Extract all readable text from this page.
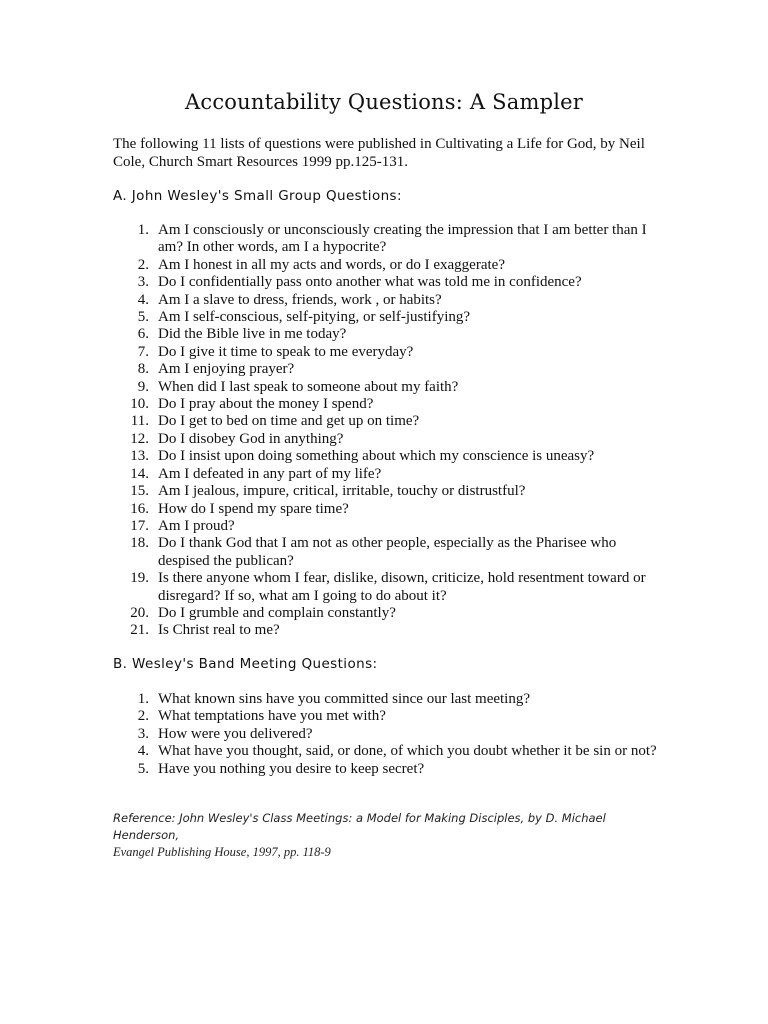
Accountability Questions: A Sampler

The following 11 lists of questions were published in Cultivating a Life for God, by Neil Cole, Church Smart Resources 1999 pp.125-131.

A. John Wesley's Small Group Questions:
1. Am I consciously or unconsciously creating the impression that I am better than I am? In other words, am I a hypocrite?
2. Am I honest in all my acts and words, or do I exaggerate?
3. Do I confidentially pass onto another what was told me in confidence?
4. Am I a slave to dress, friends, work , or habits?
5. Am I self-conscious, self-pitying, or self-justifying?
6. Did the Bible live in me today?
7. Do I give it time to speak to me everyday?
8. Am I enjoying prayer?
9. When did I last speak to someone about my faith?
10. Do I pray about the money I spend?
11. Do I get to bed on time and get up on time?
12. Do I disobey God in anything?
13. Do I insist upon doing something about which my conscience is uneasy?
14. Am I defeated in any part of my life?
15. Am I jealous, impure, critical, irritable, touchy or distrustful?
16. How do I spend my spare time?
17. Am I proud?
18. Do I thank God that I am not as other people, especially as the Pharisee who despised the publican?
19. Is there anyone whom I fear, dislike, disown, criticize, hold resentment toward or disregard? If so, what am I going to do about it?
20. Do I grumble and complain constantly?
21. Is Christ real to me?
B. Wesley's Band Meeting Questions:
1. What known sins have you committed since our last meeting?
2. What temptations have you met with?
3. How were you delivered?
4. What have you thought, said, or done, of which you doubt whether it be sin or not?
5. Have you nothing you desire to keep secret?

Reference: John Wesley's Class Meetings: a Model for Making Disciples, by D. Michael Henderson,
Evangel Publishing House, 1997, pp. 118-9
